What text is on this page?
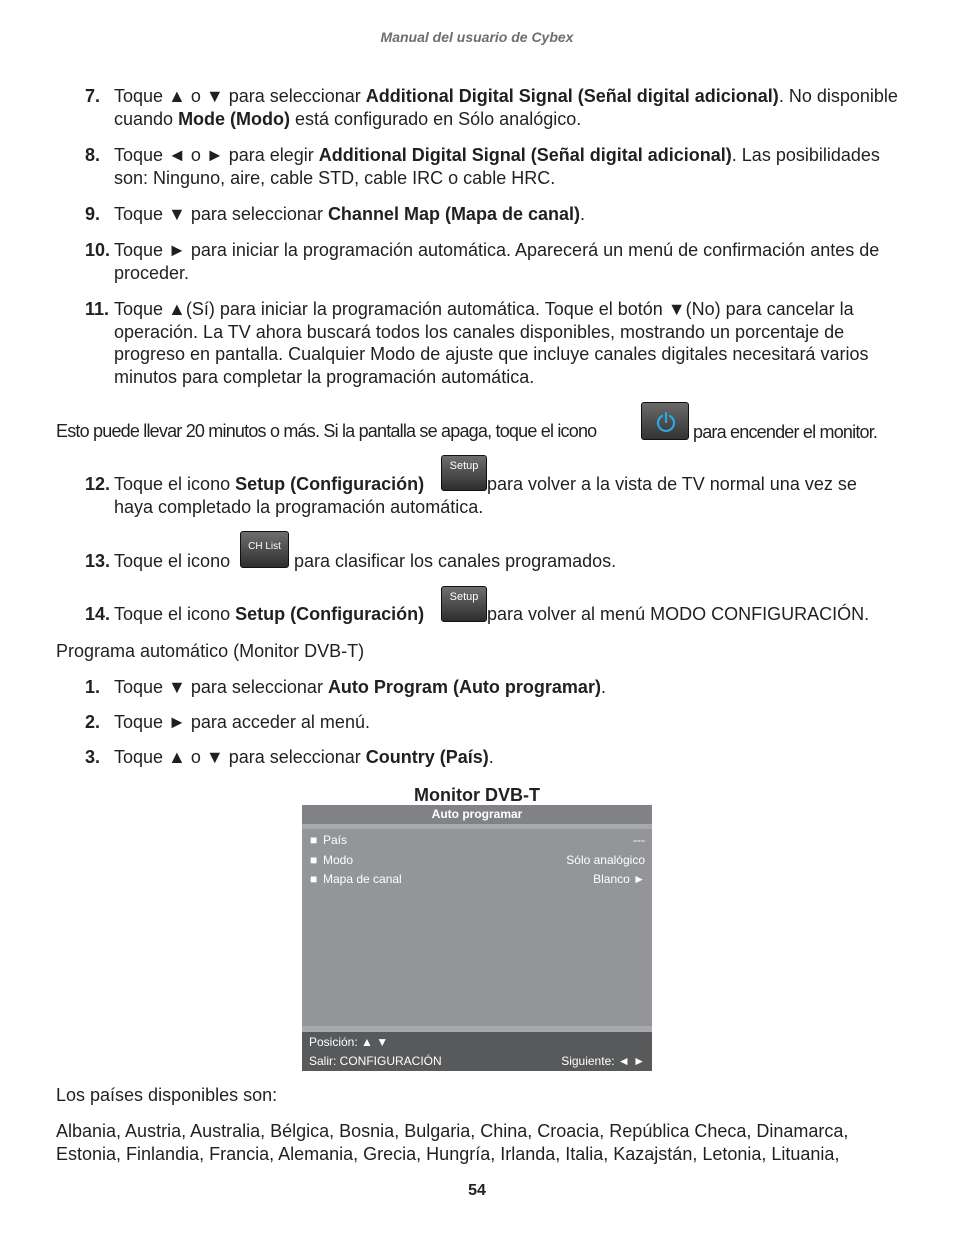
Manual del usuario de Cybex
7. Toque ▲ o ▼ para seleccionar Additional Digital Signal (Señal digital adicional). No disponible cuando Mode (Modo) está configurado en Sólo analógico.
8. Toque ◄ o ► para elegir Additional Digital Signal (Señal digital adicional). Las posibilidades son: Ninguno, aire, cable STD, cable IRC o cable HRC.
9. Toque ▼ para seleccionar Channel Map (Mapa de canal).
10. Toque ► para iniciar la programación automática. Aparecerá un menú de confirmación antes de proceder.
11. Toque ▲(Sí) para iniciar la programación automática. Toque el botón ▼(No) para cancelar la operación. La TV ahora buscará todos los canales disponibles, mostrando un porcentaje de progreso en pantalla. Cualquier Modo de ajuste que incluye canales digitales necesitará varios minutos para completar la programación automática.
Esto puede llevar 20 minutos o más. Si la pantalla se apaga, toque el icono	para encender el monitor.
12. Toque el icono Setup (Configuración)
Setup
para volver a la vista de TV normal una vez se
haya completado la programación automática.
13. Toque el icono
CH List
para clasificar los canales programados.
14. Toque el icono Setup (Configuración)
Setup
para volver al menú MODO CONFIGURACIÓN.
Programa automático (Monitor DVB-T)
1. Toque ▼ para seleccionar Auto Program (Auto programar).
2. Toque ► para acceder al menú.
3. Toque ▲ o ▼ para seleccionar Country (País).
Monitor DVB-T
Auto programar
■ País	---
■ Modo	Sólo analógico
■ Mapa de canal	Blanco ►
Posición: ▲ ▼
Salir: CONFIGURACIÓN	Siguiente: ◄ ►
Los países disponibles son:
Albania, Austria, Australia, Bélgica, Bosnia, Bulgaria, China, Croacia, República Checa, Dinamarca, Estonia, Finlandia, Francia, Alemania, Grecia, Hungría, Irlanda, Italia, Kazajstán, Letonia, Lituania,
54
